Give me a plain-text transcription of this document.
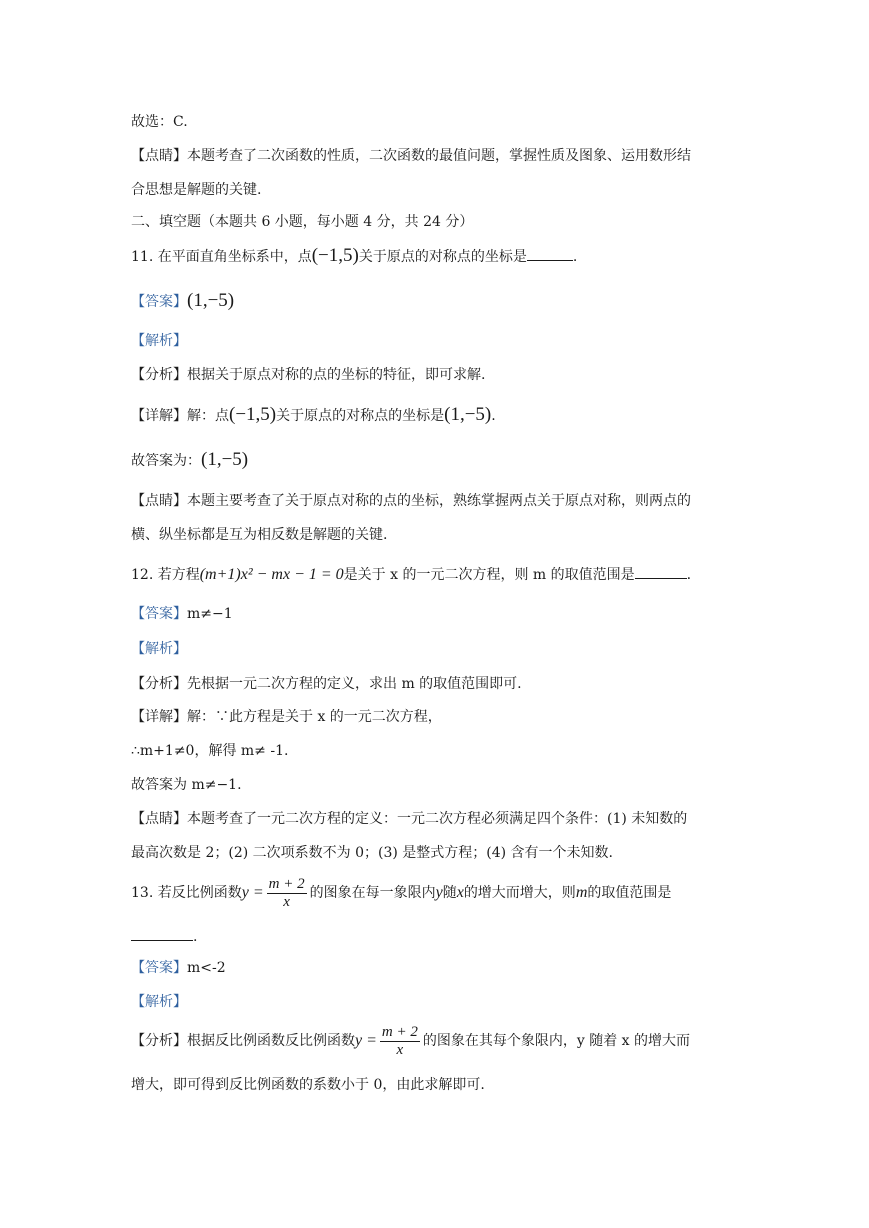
故选：C.
【点睛】本题考查了二次函数的性质，二次函数的最值问题，掌握性质及图象、运用数形结
合思想是解题的关键.
二、填空题（本题共 6 小题，每小题 4 分，共 24 分）
11. 在平面直角坐标系中，点(−1,5)关于原点的对称点的坐标是	.
【答案】(1,−5)
【解析】
【分析】根据关于原点对称的点的坐标的特征，即可求解.
【详解】解：点(−1,5)关于原点的对称点的坐标是(1,−5).
故答案为：(1,−5)
【点睛】本题主要考查了关于原点对称的点的坐标，熟练掌握两点关于原点对称，则两点的
横、纵坐标都是互为相反数是解题的关键.
12. 若方程(m+1)x² − mx − 1 = 0是关于 x 的一元二次方程，则 m 的取值范围是	.
【答案】m≠−1
【解析】
【分析】先根据一元二次方程的定义，求出 m 的取值范围即可.
【详解】解：∵此方程是关于 x 的一元二次方程，
∴m+1≠0，解得 m≠ -1.
故答案为 m≠−1.
【点睛】本题考查了一元二次方程的定义：一元二次方程必须满足四个条件：(1) 未知数的
最高次数是 2；(2) 二次项系数不为 0；(3) 是整式方程；(4) 含有一个未知数.
13. 若反比例函数$y = \frac{m + 2}{x}$ 的图象在每一象限内y随x的增大而增大，则m的取值范围是
.
【答案】m<-2
【解析】
【分析】根据反比例函数反比例函数$y = \frac{m + 2}{x}$ 的图象在其每个象限内，y 随着 x 的增大而
增大，即可得到反比例函数的系数小于 0，由此求解即可.
